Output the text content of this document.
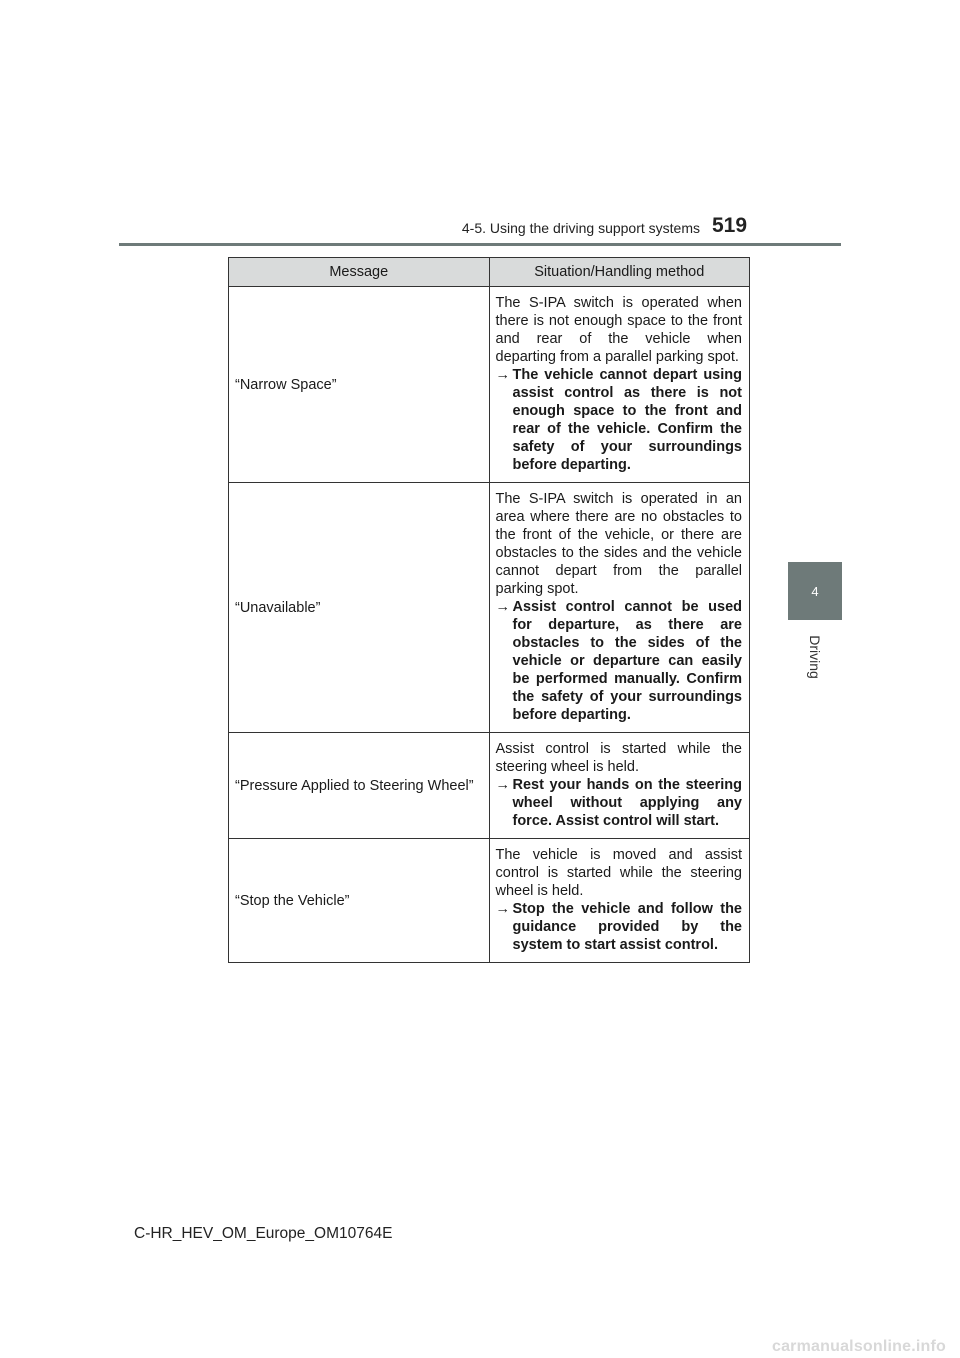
4-5. Using the driving support systems 519
4
Driving
Message	Situation/Handling method
“Narrow Space”	The S-IPA switch is operated when there is not enough space to the front and rear of the vehicle when departing from a parallel parking spot.

→ The vehicle cannot depart using assist control as there is not enough space to the front and rear of the vehicle. Confirm the safety of your surroundings before departing.

“Unavailable”	The S-IPA switch is operated in an area where there are no obstacles to the front of the vehicle, or there are obstacles to the sides and the vehicle cannot depart from the parallel parking spot.

→ Assist control cannot be used for departure, as there are obstacles to the sides of the vehicle or departure can easily be performed manually. Confirm the safety of your surroundings before departing.

“Pressure Applied to Steering Wheel”	Assist control is started while the steering wheel is held.

→ Rest your hands on the steering wheel without applying any force. Assist control will start.

“Stop the Vehicle”	The vehicle is moved and assist control is started while the steering wheel is held.

→ Stop the vehicle and follow the guidance provided by the system to start assist control.

C-HR_HEV_OM_Europe_OM10764E
carmanualsonline.info
